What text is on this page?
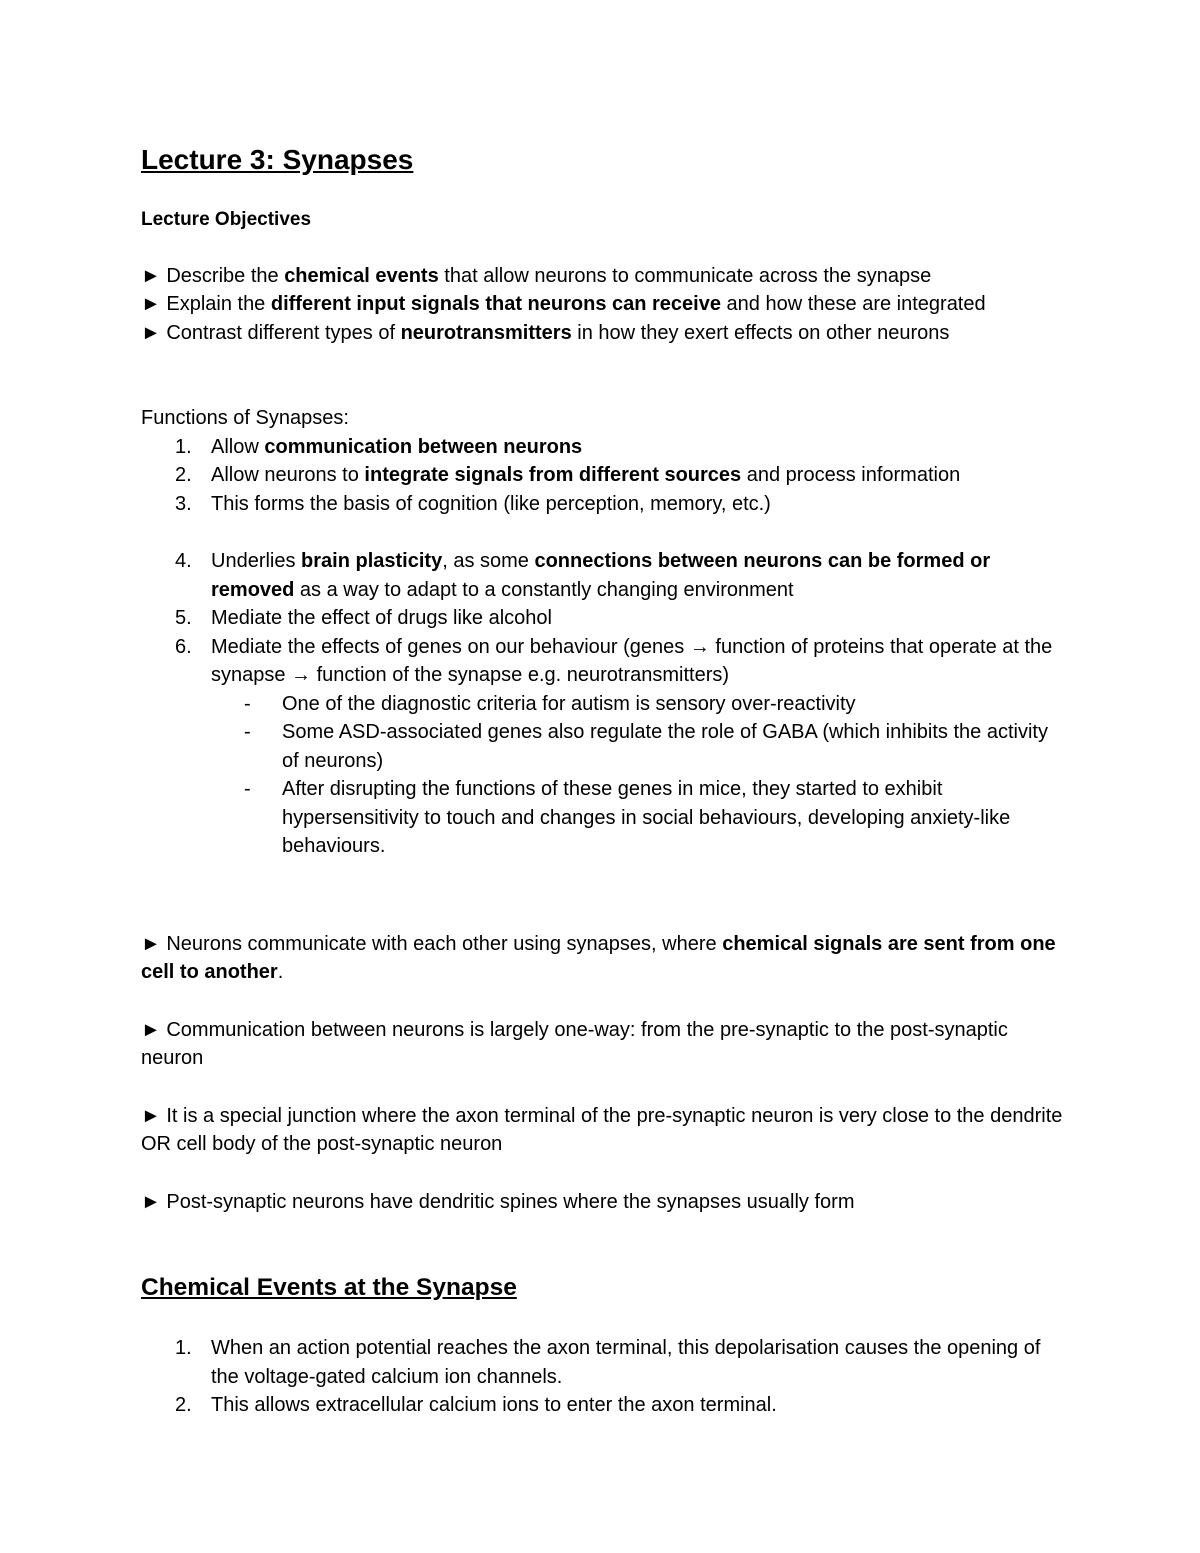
Lecture 3: Synapses

Lecture Objectives

► Describe the chemical events that allow neurons to communicate across the synapse

► Explain the different input signals that neurons can receive and how these are integrated

► Contrast different types of neurotransmitters in how they exert effects on other neurons

Functions of Synapses:

1. Allow communication between neurons
2. Allow neurons to integrate signals from different sources and process information
3. This forms the basis of cognition (like perception, memory, etc.)
4. Underlies brain plasticity, as some connections between neurons can be formed or removed as a way to adapt to a constantly changing environment
5. Mediate the effect of drugs like alcohol
6. Mediate the effects of genes on our behaviour (genes → function of proteins that operate at the synapse → function of the synapse e.g. neurotransmitters)
- One of the diagnostic criteria for autism is sensory over-reactivity
- Some ASD-associated genes also regulate the role of GABA (which inhibits the activity of neurons)
- After disrupting the functions of these genes in mice, they started to exhibit hypersensitivity to touch and changes in social behaviours, developing anxiety-like behaviours.

► Neurons communicate with each other using synapses, where chemical signals are sent from one cell to another.

► Communication between neurons is largely one-way: from the pre-synaptic to the post-synaptic neuron

► It is a special junction where the axon terminal of the pre-synaptic neuron is very close to the dendrite OR cell body of the post-synaptic neuron

► Post-synaptic neurons have dendritic spines where the synapses usually form

Chemical Events at the Synapse
1. When an action potential reaches the axon terminal, this depolarisation causes the opening of the voltage-gated calcium ion channels.
2. This allows extracellular calcium ions to enter the axon terminal.
